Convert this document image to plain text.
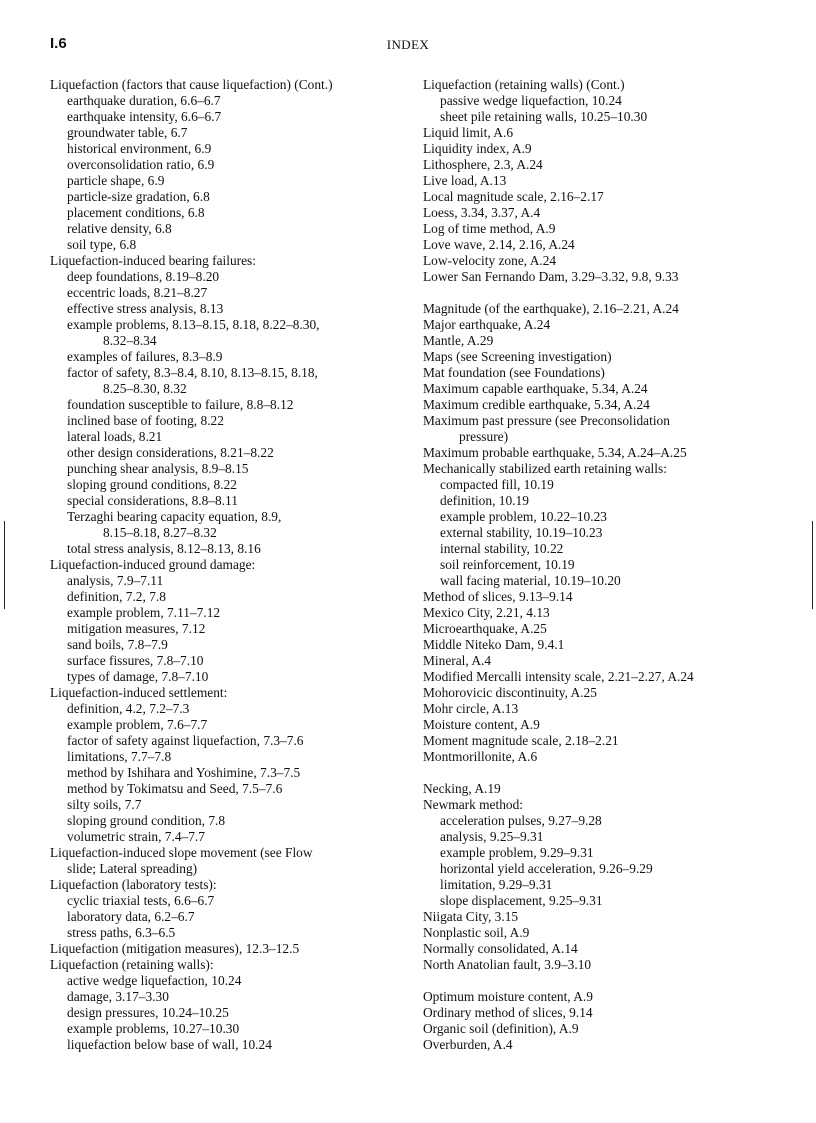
I.6	INDEX
Liquefaction (factors that cause liquefaction) (Cont.)
earthquake duration, 6.6–6.7
earthquake intensity, 6.6–6.7
groundwater table, 6.7
historical environment, 6.9
overconsolidation ratio, 6.9
particle shape, 6.9
particle-size gradation, 6.8
placement conditions, 6.8
relative density, 6.8
soil type, 6.8
Liquefaction-induced bearing failures:
deep foundations, 8.19–8.20
eccentric loads, 8.21–8.27
effective stress analysis, 8.13
example problems, 8.13–8.15, 8.18, 8.22–8.30,
8.32–8.34
examples of failures, 8.3–8.9
factor of safety, 8.3–8.4, 8.10, 8.13–8.15, 8.18,
8.25–8.30, 8.32
foundation susceptible to failure, 8.8–8.12
inclined base of footing, 8.22
lateral loads, 8.21
other design considerations, 8.21–8.22
punching shear analysis, 8.9–8.15
sloping ground conditions, 8.22
special considerations, 8.8–8.11
Terzaghi bearing capacity equation, 8.9,
8.15–8.18, 8.27–8.32
total stress analysis, 8.12–8.13, 8.16
Liquefaction-induced ground damage:
analysis, 7.9–7.11
definition, 7.2, 7.8
example problem, 7.11–7.12
mitigation measures, 7.12
sand boils, 7.8–7.9
surface fissures, 7.8–7.10
types of damage, 7.8–7.10
Liquefaction-induced settlement:
definition, 4.2, 7.2–7.3
example problem, 7.6–7.7
factor of safety against liquefaction, 7.3–7.6
limitations, 7.7–7.8
method by Ishihara and Yoshimine, 7.3–7.5
method by Tokimatsu and Seed, 7.5–7.6
silty soils, 7.7
sloping ground condition, 7.8
volumetric strain, 7.4–7.7
Liquefaction-induced slope movement (see Flow
slide; Lateral spreading)
Liquefaction (laboratory tests):
cyclic triaxial tests, 6.6–6.7
laboratory data, 6.2–6.7
stress paths, 6.3–6.5
Liquefaction (mitigation measures), 12.3–12.5
Liquefaction (retaining walls):
active wedge liquefaction, 10.24
damage, 3.17–3.30
design pressures, 10.24–10.25
example problems, 10.27–10.30
liquefaction below base of wall, 10.24
Liquefaction (retaining walls) (Cont.)
passive wedge liquefaction, 10.24
sheet pile retaining walls, 10.25–10.30
Liquid limit, A.6
Liquidity index, A.9
Lithosphere, 2.3, A.24
Live load, A.13
Local magnitude scale, 2.16–2.17
Loess, 3.34, 3.37, A.4
Log of time method, A.9
Love wave, 2.14, 2.16, A.24
Low-velocity zone, A.24
Lower San Fernando Dam, 3.29–3.32, 9.8, 9.33
Magnitude (of the earthquake), 2.16–2.21, A.24
Major earthquake, A.24
Mantle, A.29
Maps (see Screening investigation)
Mat foundation (see Foundations)
Maximum capable earthquake, 5.34, A.24
Maximum credible earthquake, 5.34, A.24
Maximum past pressure (see Preconsolidation
pressure)
Maximum probable earthquake, 5.34, A.24–A.25
Mechanically stabilized earth retaining walls:
compacted fill, 10.19
definition, 10.19
example problem, 10.22–10.23
external stability, 10.19–10.23
internal stability, 10.22
soil reinforcement, 10.19
wall facing material, 10.19–10.20
Method of slices, 9.13–9.14
Mexico City, 2.21, 4.13
Microearthquake, A.25
Middle Niteko Dam, 9.4.1
Mineral, A.4
Modified Mercalli intensity scale, 2.21–2.27, A.24
Mohorovicic discontinuity, A.25
Mohr circle, A.13
Moisture content, A.9
Moment magnitude scale, 2.18–2.21
Montmorillonite, A.6
Necking, A.19
Newmark method:
acceleration pulses, 9.27–9.28
analysis, 9.25–9.31
example problem, 9.29–9.31
horizontal yield acceleration, 9.26–9.29
limitation, 9.29–9.31
slope displacement, 9.25–9.31
Niigata City, 3.15
Nonplastic soil, A.9
Normally consolidated, A.14
North Anatolian fault, 3.9–3.10
Optimum moisture content, A.9
Ordinary method of slices, 9.14
Organic soil (definition), A.9
Overburden, A.4
